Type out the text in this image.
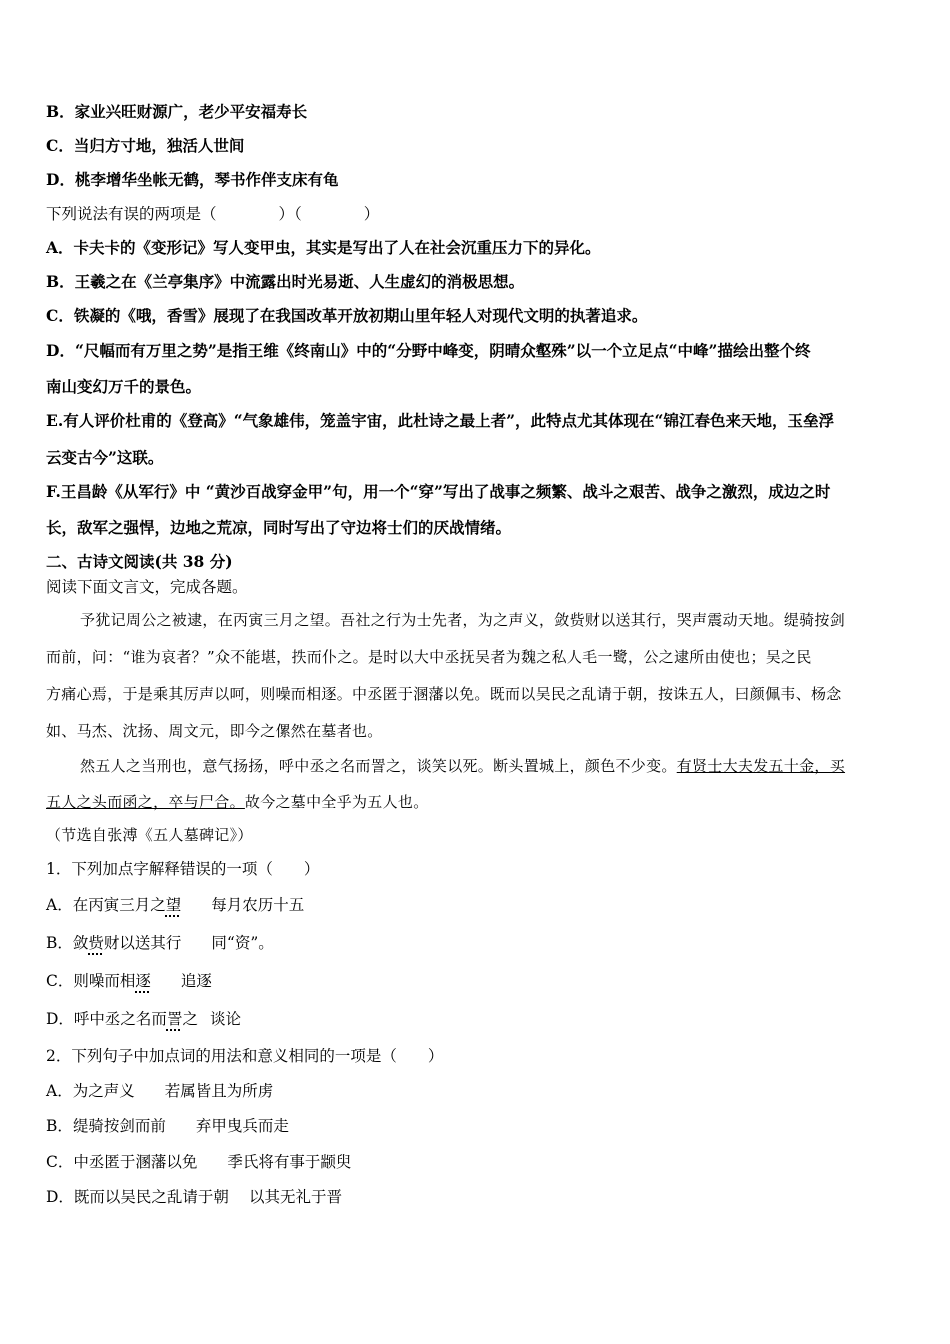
B．家业兴旺财源广，老少平安福寿长
C．当归方寸地，独活人世间
D．桃李增华坐帐无鹤，琴书作伴支床有龟
下列说法有误的两项是（　　　　）（　　　　）
A．卡夫卡的《变形记》写人变甲虫，其实是写出了人在社会沉重压力下的异化。
B．王羲之在《兰亭集序》中流露出时光易逝、人生虚幻的消极思想。
C．铁凝的《哦，香雪》展现了在我国改革开放初期山里年轻人对现代文明的执著追求。
D．“尺幅而有万里之势”是指王维《终南山》中的“分野中峰变，阴晴众壑殊”以一个立足点“中峰”描绘出整个终
南山变幻万千的景色。
E.有人评价杜甫的《登高》“气象雄伟，笼盖宇宙，此杜诗之最上者”，此特点尤其体现在“锦江春色来天地，玉垒浮
云变古今”这联。
F.王昌龄《从军行》中 “黄沙百战穿金甲”句，用一个“穿”写出了战事之频繁、战斗之艰苦、战争之激烈，成边之时
长，敌军之强悍，边地之荒凉，同时写出了守边将士们的厌战情绪。
二、古诗文阅读(共 38 分)
阅读下面文言文，完成各题。
予犹记周公之被逮，在丙寅三月之望。吾社之行为士先者，为之声义，敛赀财以送其行，哭声震动天地。缇骑按剑
而前，问：“谁为哀者？”众不能堪，抶而仆之。是时以大中丞抚吴者为魏之私人毛一鹭，公之逮所由使也；吴之民
方痛心焉，于是乘其厉声以呵，则噪而相逐。中丞匿于溷藩以免。既而以吴民之乱请于朝，按诛五人，曰颜佩韦、杨念
如、马杰、沈扬、周文元，即今之傫然在墓者也。
然五人之当刑也，意气扬扬，呼中丞之名而詈之，谈笑以死。断头置城上，颜色不少变。有贤士大夫发五十金，买
五人之头而函之，卒与尸合。故今之墓中全乎为五人也。
（节选自张溥《五人墓碑记》）
1．下列加点字解释错误的一项（　　）
A．在丙寅三月之望 每月农历十五
B．敛赀财以送其行 同“资”。
C．则噪而相逐 追逐
D．呼中丞之名而詈之 谈论
2．下列句子中加点词的用法和意义相同的一项是（　　）
A．为之声义 若属皆且为所虏
B．缇骑按剑而前 弃甲曳兵而走
C．中丞匿于溷藩以免 季氏将有事于颛臾
D．既而以吴民之乱请于朝 以其无礼于晋
